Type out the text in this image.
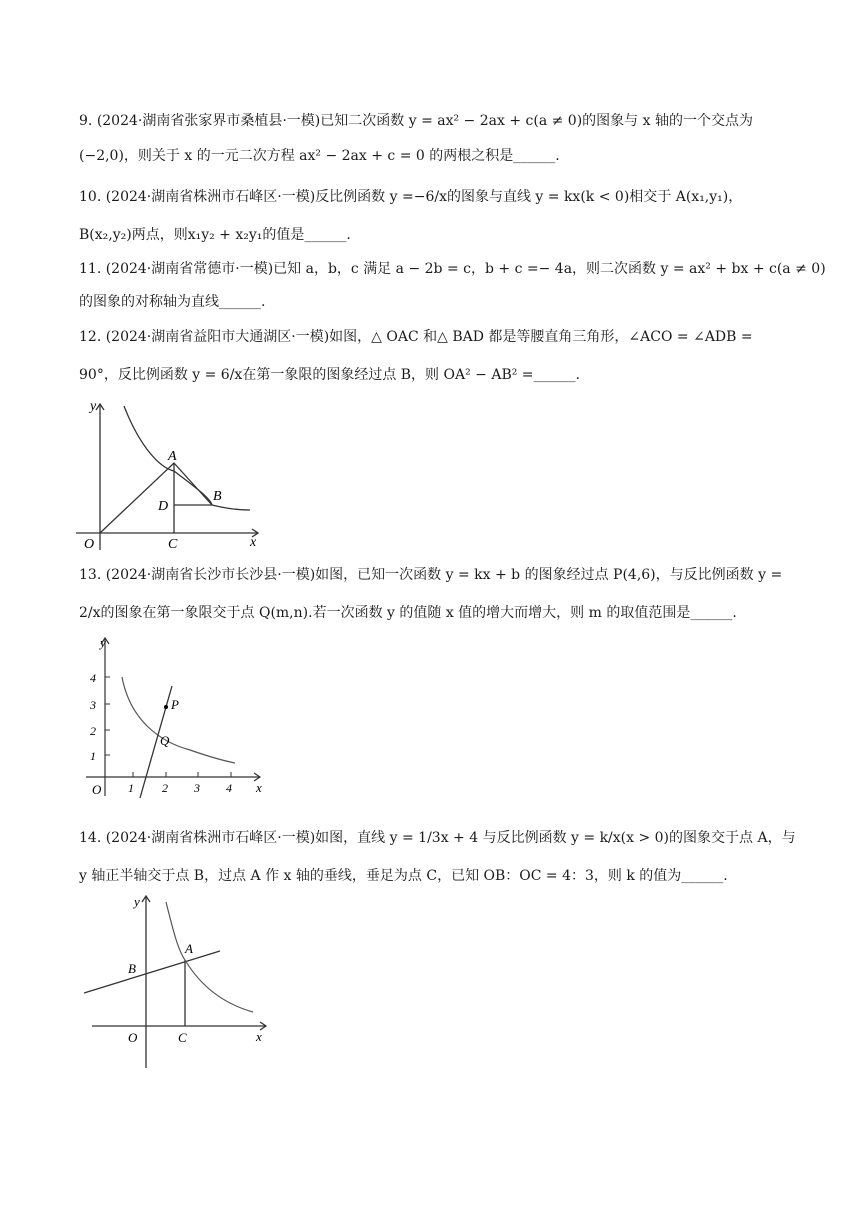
9. (2024·湖南省张家界市桑植县·一模)已知二次函数 y = ax² − 2ax + c(a ≠ 0)的图象与 x 轴的一个交点为
(−2,0)，则关于 x 的一元二次方程 ax² − 2ax + c = 0 的两根之积是______.
10. (2024·湖南省株洲市石峰区·一模)反比例函数 y =−6/x的图象与直线 y = kx(k < 0)相交于 A(x₁,y₁)，
B(x₂,y₂)两点，则x₁y₂ + x₂y₁的值是______.
11. (2024·湖南省常德市·一模)已知 a，b，c 满足 a − 2b = c，b + c =− 4a，则二次函数 y = ax² + bx + c(a ≠ 0)
的图象的对称轴为直线______.
12. (2024·湖南省益阳市大通湖区·一模)如图，△ OAC 和△ BAD 都是等腰直角三角形，∠ACO = ∠ADB =
90°，反比例函数 y = 6/x在第一象限的图象经过点 B，则 OA² − AB² =______.
y
A
B
D
O	C	x
13. (2024·湖南省长沙市长沙县·一模)如图，已知一次函数 y = kx + b 的图象经过点 P(4,6)，与反比例函数 y =
2/x的图象在第一象限交于点 Q(m,n).若一次函数 y 的值随 x 值的增大而增大，则 m 的取值范围是______.
y
4
3
2
1
1 2 3 4
O	x
P
Q
14. (2024·湖南省株洲市石峰区·一模)如图，直线 y = 1/3x + 4 与反比例函数 y = k/x(x > 0)的图象交于点 A，与
y 轴正半轴交于点 B，过点 A 作 x 轴的垂线，垂足为点 C，已知 OB：OC = 4：3，则 k 的值为______.
y
x
O	C
B
A
